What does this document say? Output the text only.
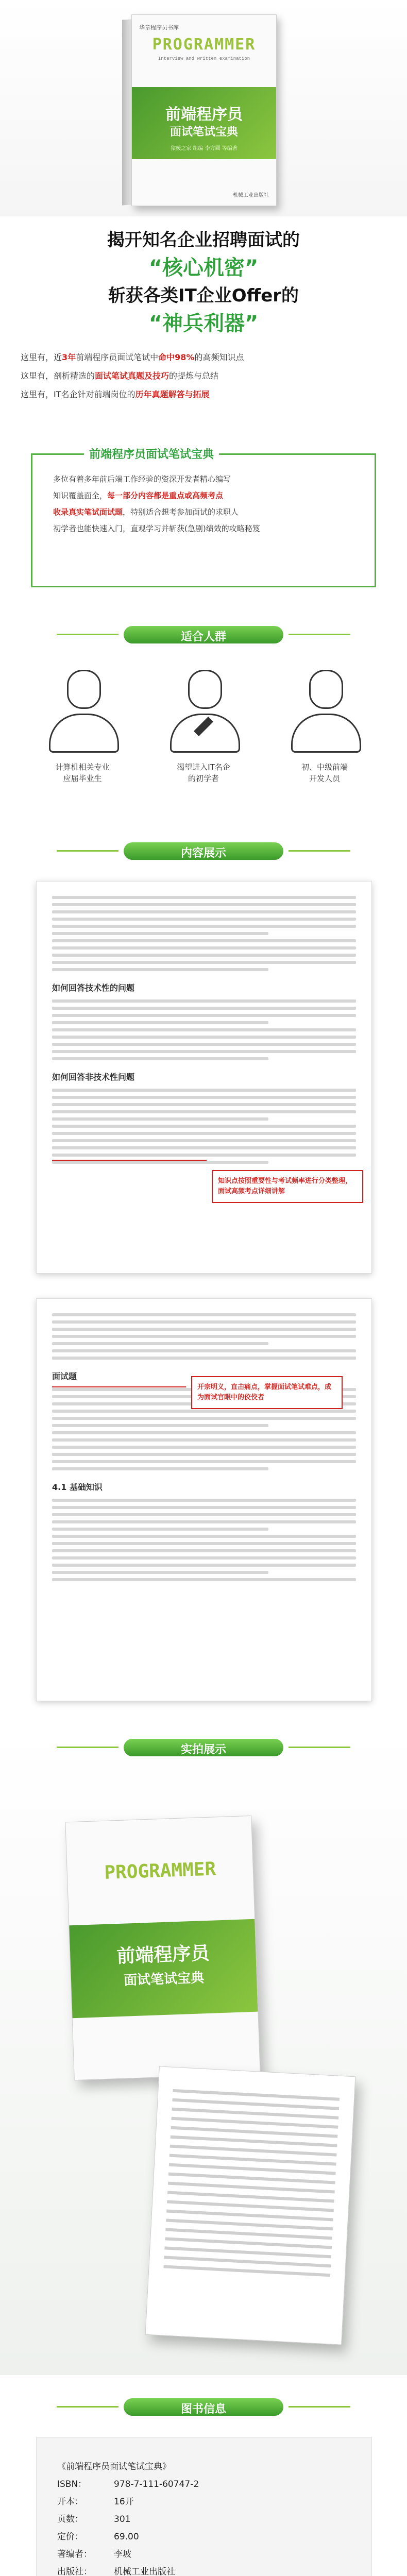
华章程序员书库
PROGRAMMER
Interview and written examination
前端程序员
面试笔试宝典
猿媛之家 组编 李方圆 等编著
机械工业出版社
揭开知名企业招聘面试的
“核心机密”
斩获各类IT企业Offer的
“神兵利器”

这里有，近3年前端程序员面试笔试中命中98%的高频知识点

这里有，剖析精选的面试笔试真题及技巧的提炼与总结

这里有，IT名企针对前端岗位的历年真题解答与拓展

前端程序员面试笔试宝典

多位有着多年前后端工作经验的资深开发者精心编写

知识覆盖面全，每一部分内容都是重点或高频考点

收录真实笔试面试题，特别适合想考参加面试的求职人

初学者也能快速入门，直观学习并斩获(急剧)绩效的攻略秘笈

适合人群
计算机相关专业
应届毕业生
渴望进入IT名企
的初学者
初、中级前端
开发人员
内容展示
如何回答技术性的问题
如何回答非技术性问题
知识点按照重要性与考试频率进行分类整理，面试高频考点详细讲解
面试题
4.1 基础知识
开宗明义，直击痛点，掌握面试笔试难点，成为面试官眼中的佼佼者
实拍展示
PROGRAMMER
前端程序员
面试笔试宝典
图书信息
《前端程序员面试笔试宝典》
ISBN：	978-7-111-60747-2
开本：	16开
页数：	301
定价：	69.00
著编者： 李坡
出版社： 机械工业出版社
